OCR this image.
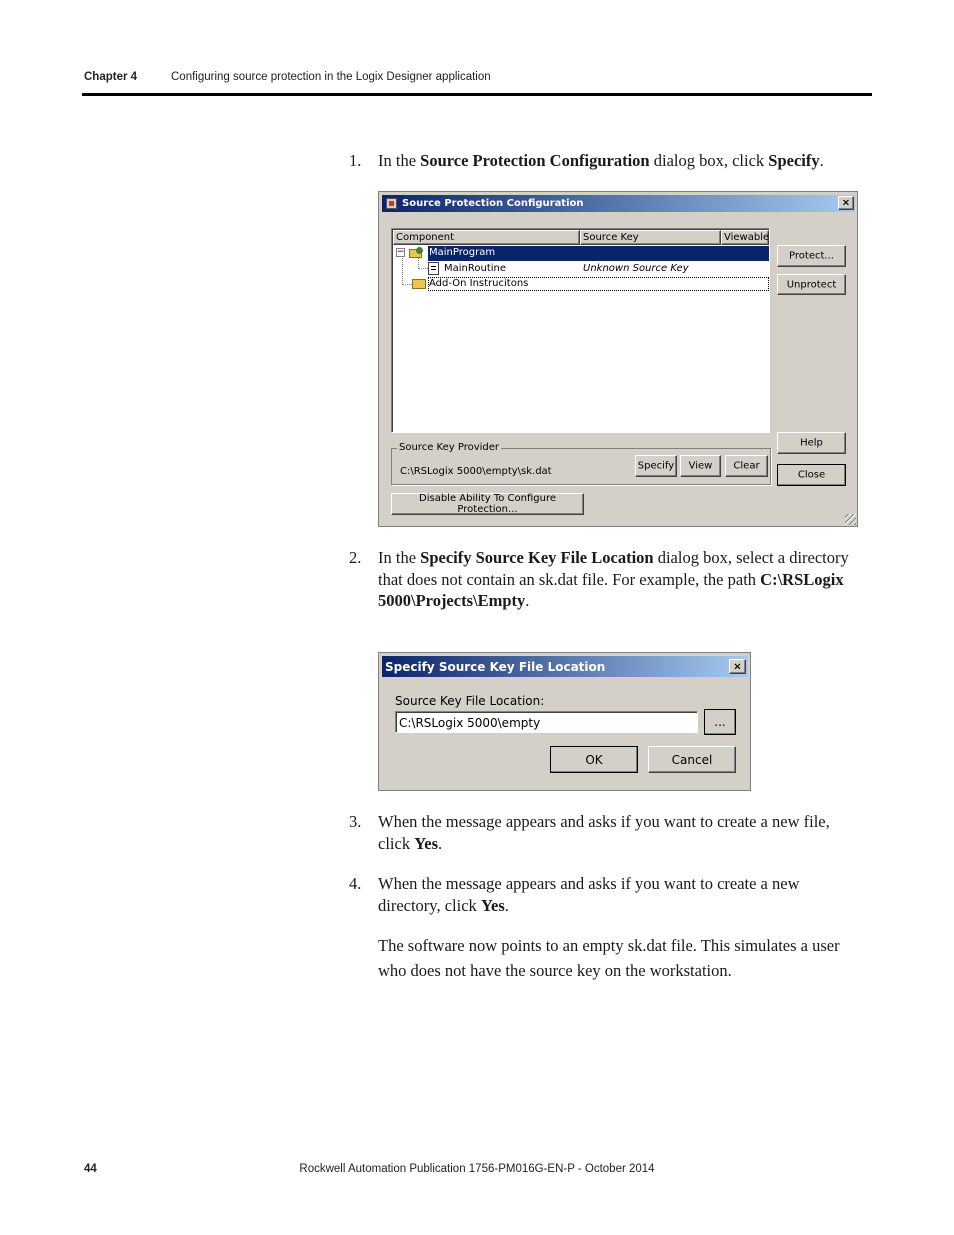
Chapter 4	Configuring source protection in the Logix Designer application
1. In the Source Protection Configuration dialog box, click Specify.
Source Protection Configuration	×
Component	Source Key	Viewable
− MainProgram
MainRoutine	Unknown Source Key
Add-On Instrucitons
Protect...
Unprotect
Help
Close
C:\RSLogix 5000\empty\sk.dat	Specify	View	Clear
Source Key Provider
Disable Ability To Configure Protection...
2. In the Specify Source Key File Location dialog box, select a directory that does not contain an sk.dat file. For example, the path C:\RSLogix 5000\Projects\Empty.
Specify Source Key File Location	×
Source Key File Location:
C:\RSLogix 5000\empty	...
OK	Cancel
3. When the message appears and asks if you want to create a new file, click Yes.
4. When the message appears and asks if you want to create a new directory, click Yes.
The software now points to an empty sk.dat file. This simulates a user who does not have the source key on the workstation.
44	Rockwell Automation Publication 1756-PM016G-EN-P - October 2014
